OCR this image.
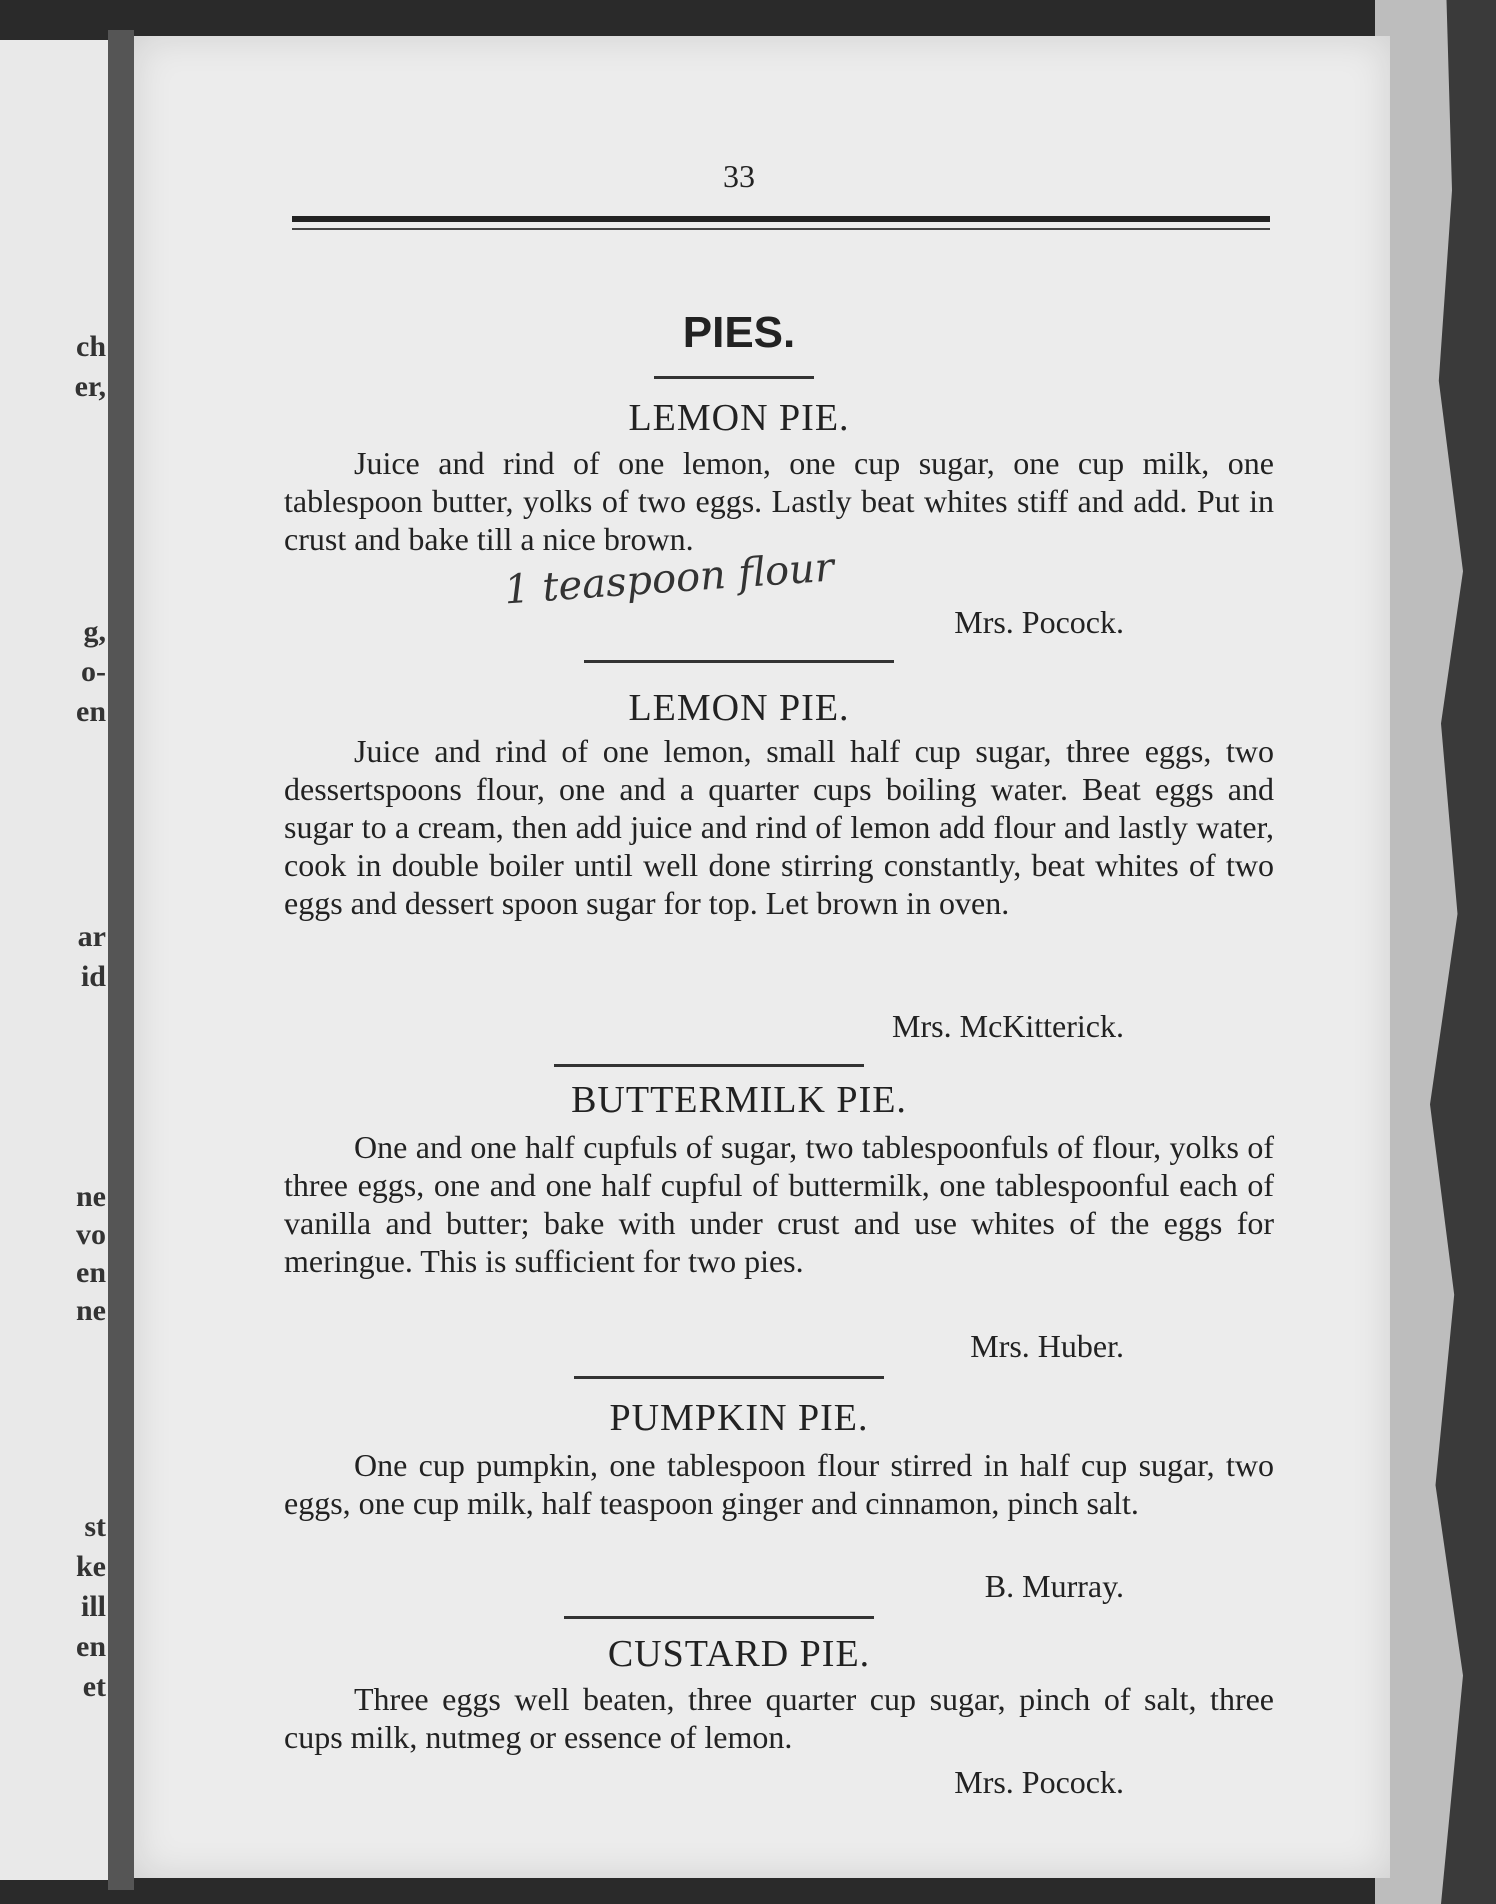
ch
er,
g,
o-
en
ar
id
ne
vo
en
ne
st
ke
ill
en
et
33
PIES.
LEMON PIE.
Juice and rind of one lemon, one cup sugar, one cup milk, one tablespoon butter, yolks of two eggs. Lastly beat whites stiff and add. Put in crust and bake till a nice brown.
1 teaspoon flour
Mrs. Pocock.
LEMON PIE.
Juice and rind of one lemon, small half cup sugar, three eggs, two dessertspoons flour, one and a quarter cups boiling water. Beat eggs and sugar to a cream, then add juice and rind of lemon add flour and lastly water, cook in double boiler until well done stirring constantly, beat whites of two eggs and dessert spoon sugar for top. Let brown in oven.
Mrs. McKitterick.
BUTTERMILK PIE.
One and one half cupfuls of sugar, two tablespoonfuls of flour, yolks of three eggs, one and one half cupful of buttermilk, one tablespoonful each of vanilla and butter; bake with under crust and use whites of the eggs for meringue. This is sufficient for two pies.
Mrs. Huber.
PUMPKIN PIE.
One cup pumpkin, one tablespoon flour stirred in half cup sugar, two eggs, one cup milk, half teaspoon ginger and cinnamon, pinch salt.
B. Murray.
CUSTARD PIE.
Three eggs well beaten, three quarter cup sugar, pinch of salt, three cups milk, nutmeg or essence of lemon.
Mrs. Pocock.
